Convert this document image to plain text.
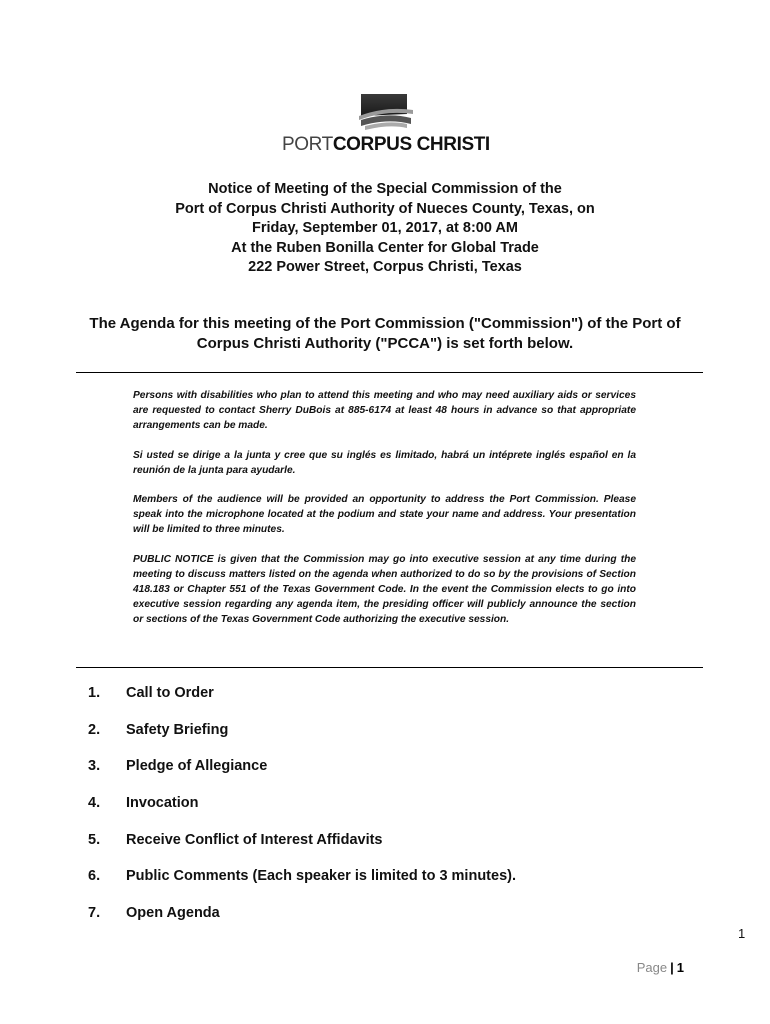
PORTCORPUS CHRISTI
Notice of Meeting of the Special Commission of the
Port of Corpus Christi Authority of Nueces County, Texas, on
Friday, September 01, 2017, at 8:00 AM
At the Ruben Bonilla Center for Global Trade
222 Power Street, Corpus Christi, Texas
The Agenda for this meeting of the Port Commission ("Commission") of the Port of
Corpus Christi Authority ("PCCA") is set forth below.

Persons with disabilities who plan to attend this meeting and who may need auxiliary aids or services are requested to contact Sherry DuBois at 885-6174 at least 48 hours in advance so that appropriate arrangements can be made.

Si usted se dirige a la junta y cree que su inglés es limitado, habrá un intéprete inglés español en la reunión de la junta para ayudarle.

Members of the audience will be provided an opportunity to address the Port Commission. Please speak into the microphone located at the podium and state your name and address. Your presentation will be limited to three minutes.

PUBLIC NOTICE is given that the Commission may go into executive session at any time during the meeting to discuss matters listed on the agenda when authorized to do so by the provisions of Section 418.183 or Chapter 551 of the Texas Government Code. In the event the Commission elects to go into executive session regarding any agenda item, the presiding officer will publicly announce the section or sections of the Texas Government Code authorizing the executive session.

1. Call to Order
2. Safety Briefing
3. Pledge of Allegiance
4. Invocation
5. Receive Conflict of Interest Affidavits
6. Public Comments (Each speaker is limited to 3 minutes).
7. Open Agenda
1
Page | 1
